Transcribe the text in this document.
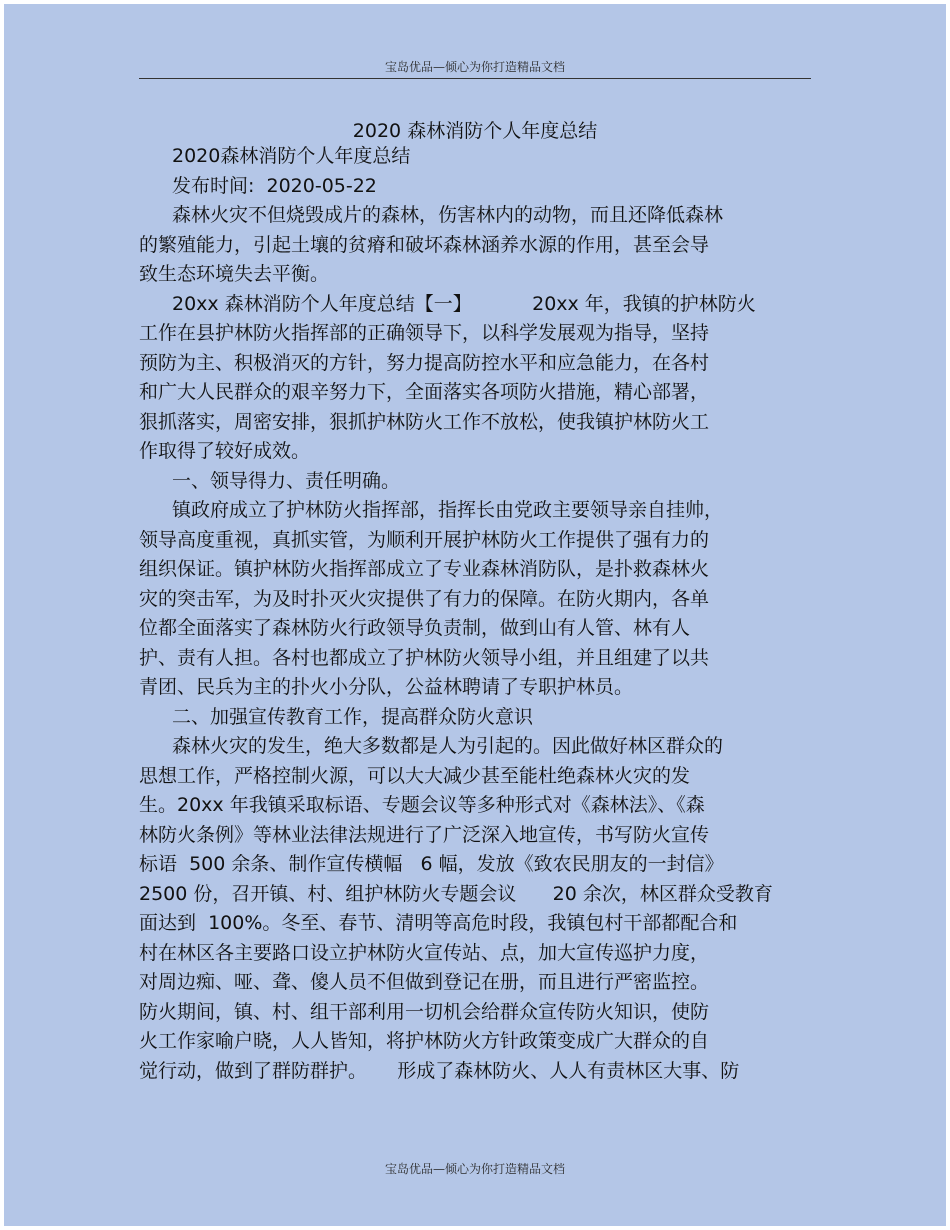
宝岛优品—倾心为你打造精品文档
2020 森林消防个人年度总结
2020森林消防个人年度总结
发布时间:  2020-05-22
森林火灾不但烧毁成片的森林，伤害林内的动物，而且还降低森林
的繁殖能力，引起土壤的贫瘠和破坏森林涵养水源的作用，甚至会导
致生态环境失去平衡。
20xx 森林消防个人年度总结【一】          20xx 年，我镇的护林防火
工作在县护林防火指挥部的正确领导下，以科学发展观为指导，坚持
预防为主、积极消灭的方针，努力提高防控水平和应急能力，在各村
和广大人民群众的艰辛努力下，全面落实各项防火措施，精心部署，
狠抓落实，周密安排，狠抓护林防火工作不放松，使我镇护林防火工
作取得了较好成效。
一、领导得力、责任明确。
镇政府成立了护林防火指挥部，指挥长由党政主要领导亲自挂帅，
领导高度重视，真抓实管，为顺利开展护林防火工作提供了强有力的
组织保证。镇护林防火指挥部成立了专业森林消防队，是扑救森林火
灾的突击军，为及时扑灭火灾提供了有力的保障。在防火期内，各单
位都全面落实了森林防火行政领导负责制，做到山有人管、林有人
护、责有人担。各村也都成立了护林防火领导小组，并且组建了以共
青团、民兵为主的扑火小分队，公益林聘请了专职护林员。
二、加强宣传教育工作，提高群众防火意识
森林火灾的发生，绝大多数都是人为引起的。因此做好林区群众的
思想工作，严格控制火源，可以大大减少甚至能杜绝森林火灾的发
生。20xx 年我镇采取标语、专题会议等多种形式对《森林法》、《森
林防火条例》等林业法律法规进行了广泛深入地宣传，书写防火宣传
标语  500 余条、制作宣传横幅   6 幅，发放《致农民朋友的一封信》
2500 份，召开镇、村、组护林防火专题会议      20 余次，林区群众受教育
面达到  100%。冬至、春节、清明等高危时段，我镇包村干部都配合和
村在林区各主要路口设立护林防火宣传站、点，加大宣传巡护力度，
对周边痴、哑、聋、傻人员不但做到登记在册，而且进行严密监控。
防火期间，镇、村、组干部利用一切机会给群众宣传防火知识，使防
火工作家喻户晓，人人皆知，将护林防火方针政策变成广大群众的自
觉行动，做到了群防群护。     形成了森林防火、人人有责林区大事、防
宝岛优品—倾心为你打造精品文档
